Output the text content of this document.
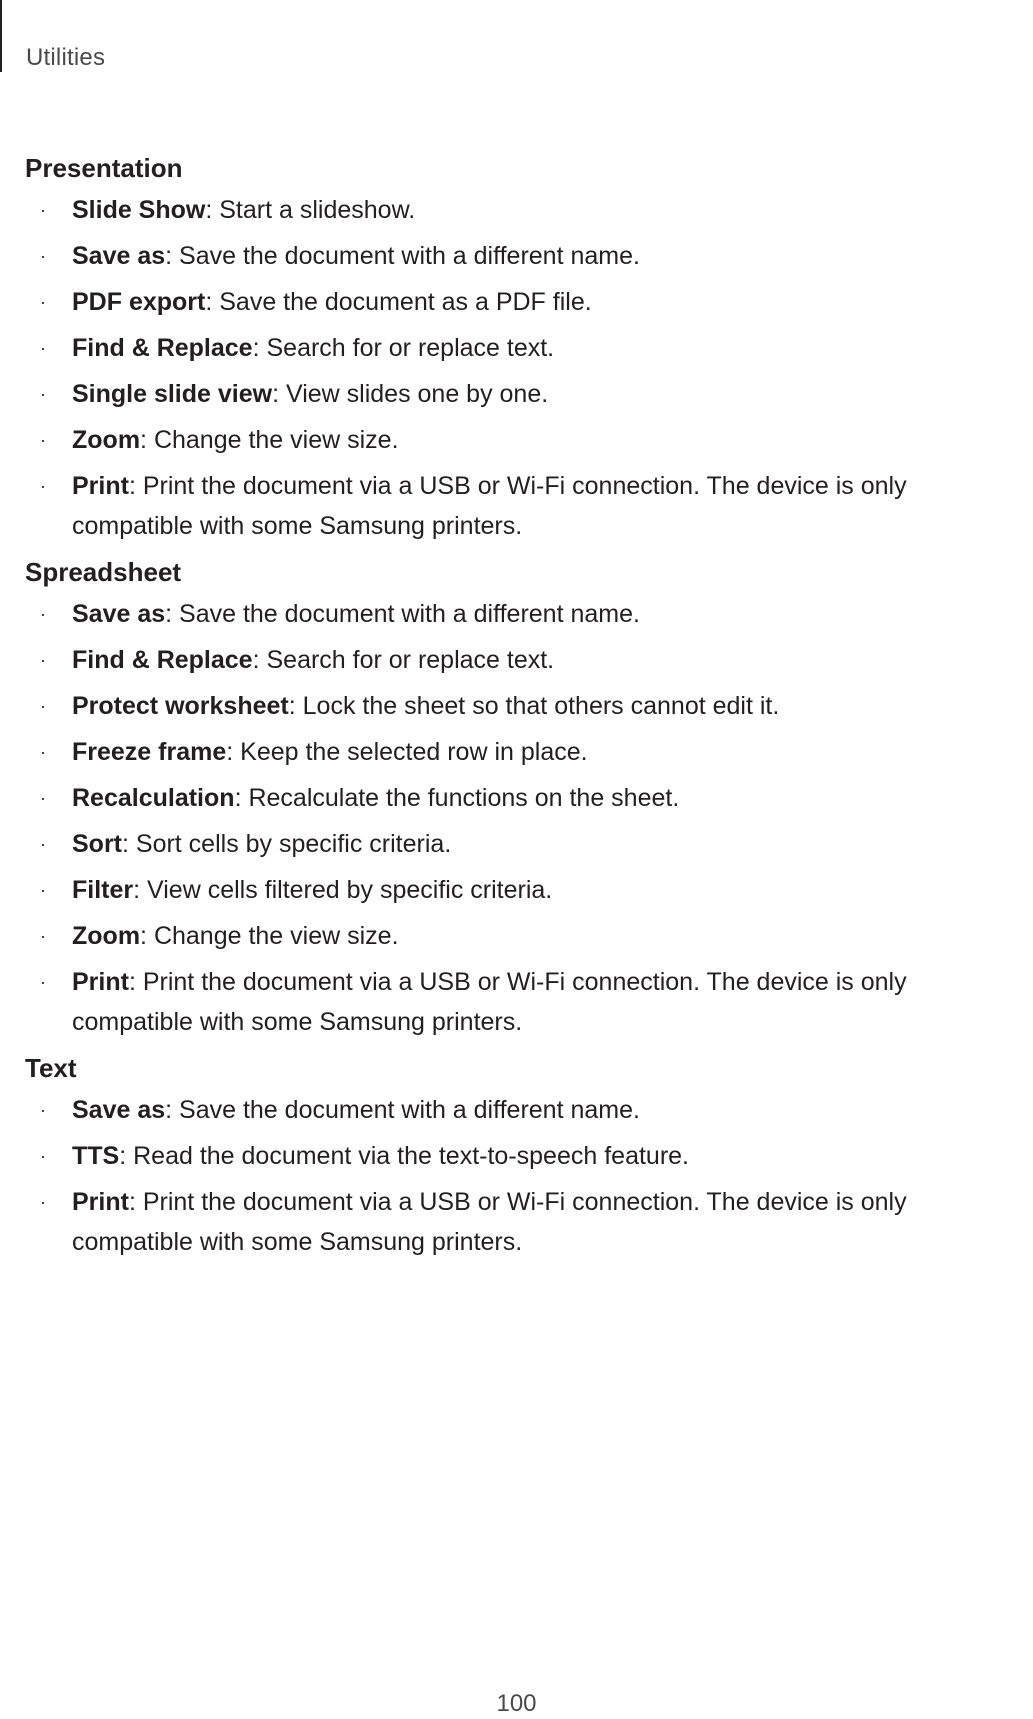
Utilities
Presentation
· Slide Show: Start a slideshow.
· Save as: Save the document with a different name.
· PDF export: Save the document as a PDF file.
· Find & Replace: Search for or replace text.
· Single slide view: View slides one by one.
· Zoom: Change the view size.
· Print: Print the document via a USB or Wi-Fi connection. The device is only compatible with some Samsung printers.
Spreadsheet
· Save as: Save the document with a different name.
· Find & Replace: Search for or replace text.
· Protect worksheet: Lock the sheet so that others cannot edit it.
· Freeze frame: Keep the selected row in place.
· Recalculation: Recalculate the functions on the sheet.
· Sort: Sort cells by specific criteria.
· Filter: View cells filtered by specific criteria.
· Zoom: Change the view size.
· Print: Print the document via a USB or Wi-Fi connection. The device is only compatible with some Samsung printers.
Text
· Save as: Save the document with a different name.
· TTS: Read the document via the text-to-speech feature.
· Print: Print the document via a USB or Wi-Fi connection. The device is only compatible with some Samsung printers.
100
